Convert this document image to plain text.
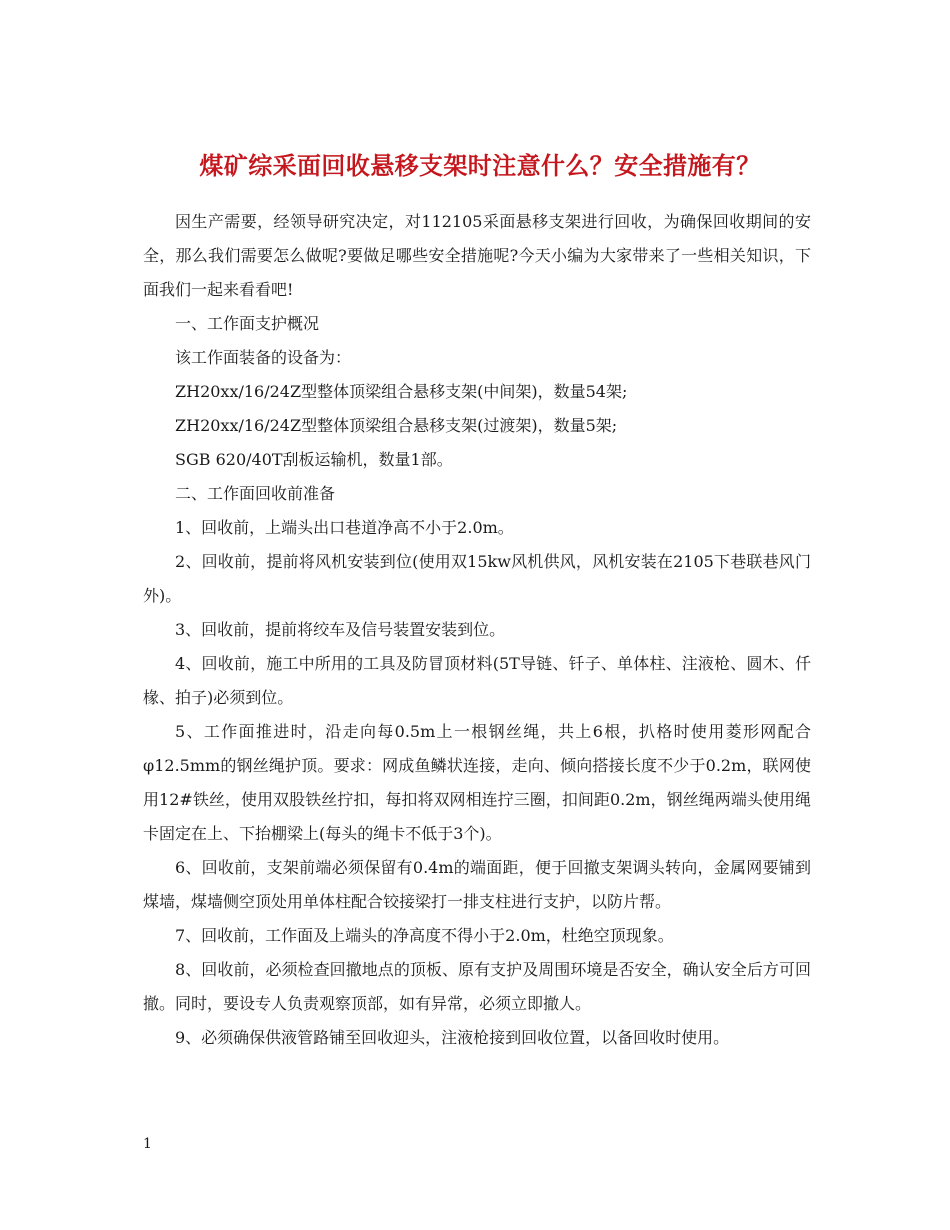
煤矿综采面回收悬移支架时注意什么？安全措施有？

因生产需要，经领导研究决定，对112105采面悬移支架进行回收，为确保回收期间的安全，那么我们需要怎么做呢?要做足哪些安全措施呢?今天小编为大家带来了一些相关知识，下面我们一起来看看吧!

一、工作面支护概况

该工作面装备的设备为：

ZH20xx/16/24Z型整体顶梁组合悬移支架(中间架)，数量54架;

ZH20xx/16/24Z型整体顶梁组合悬移支架(过渡架)，数量5架;

SGB 620/40T刮板运输机，数量1部。

二、工作面回收前准备

1、回收前，上端头出口巷道净高不小于2.0m。

2、回收前，提前将风机安装到位(使用双15kw风机供风，风机安装在2105下巷联巷风门外)。

3、回收前，提前将绞车及信号装置安装到位。

4、回收前，施工中所用的工具及防冒顶材料(5T导链、钎子、单体柱、注液枪、圆木、仟椽、拍子)必须到位。

5、工作面推进时，沿走向每0.5m上一根钢丝绳，共上6根，扒格时使用菱形网配合φ12.5mm的钢丝绳护顶。要求：网成鱼鳞状连接，走向、倾向搭接长度不少于0.2m，联网使用12#铁丝，使用双股铁丝拧扣，每扣将双网相连拧三圈，扣间距0.2m，钢丝绳两端头使用绳卡固定在上、下抬棚梁上(每头的绳卡不低于3个)。

6、回收前，支架前端必须保留有0.4m的端面距，便于回撤支架调头转向，金属网要铺到煤墙，煤墙侧空顶处用单体柱配合铰接梁打一排支柱进行支护，以防片帮。

7、回收前，工作面及上端头的净高度不得小于2.0m，杜绝空顶现象。

8、回收前，必须检查回撤地点的顶板、原有支护及周围环境是否安全，确认安全后方可回撤。同时，要设专人负责观察顶部，如有异常，必须立即撤人。

9、必须确保供液管路铺至回收迎头，注液枪接到回收位置，以备回收时使用。

1
